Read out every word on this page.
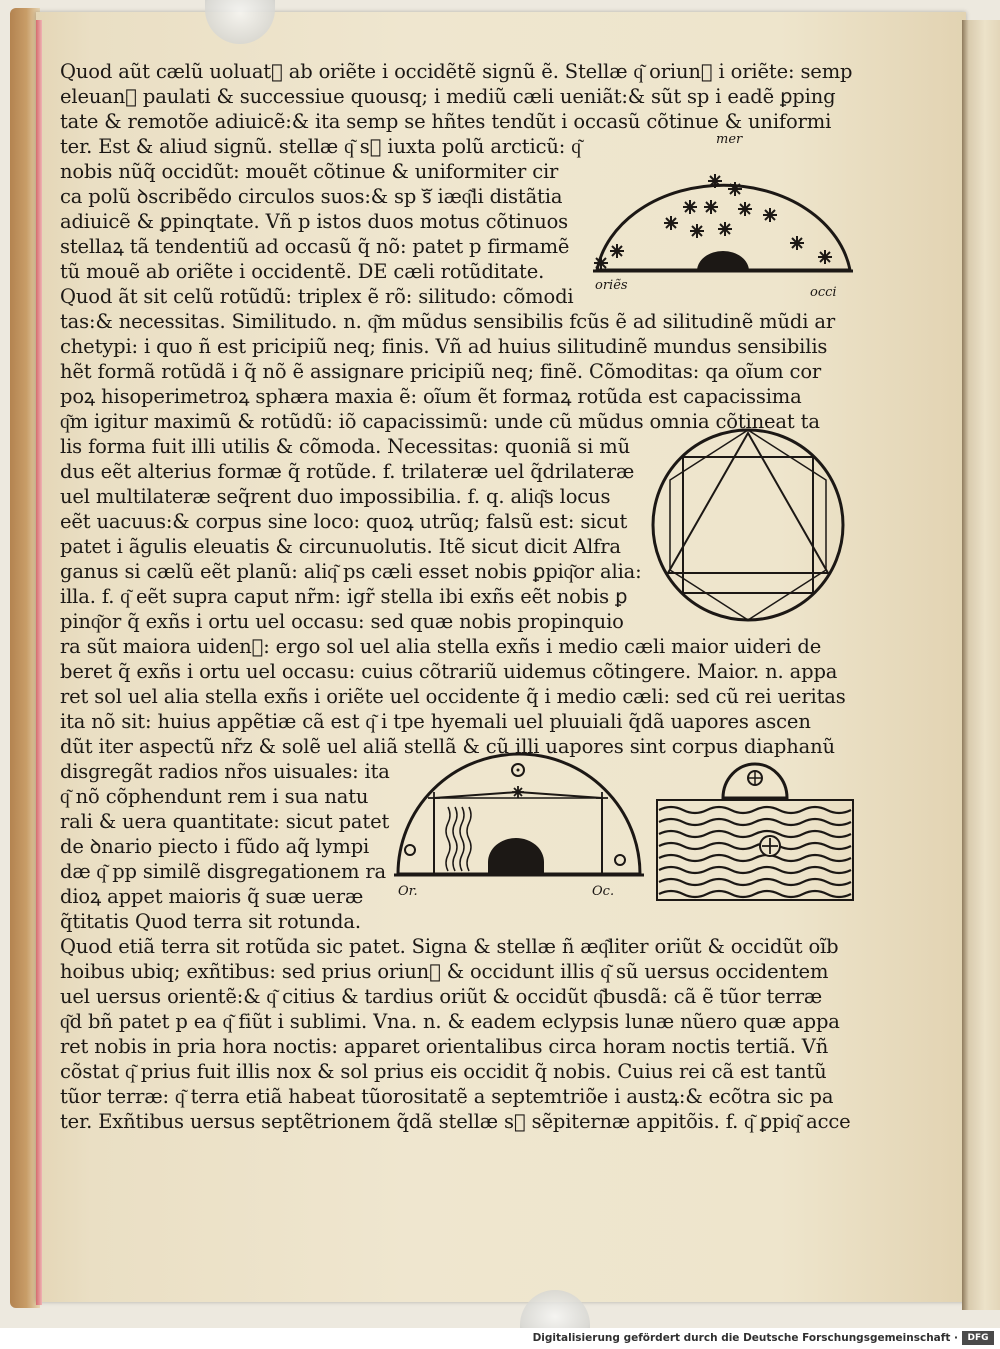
Quod aũt cælũ uoluatᷓ ab oriẽte i occidẽtẽ signũ ẽ. Stellæ q͂ oriunᷓ i oriẽte: semp
eleuanᷓ paulati & successiue quousq; i mediũ cæli ueniãt:& sũt sp i eadẽ ꝑping
tate & remotõe adiuicẽ:& ita semp se hñtes tendũt i occasũ cõtinue & uniformi
ter. Est & aliud signũ. stellæ q͂ sᷓ iuxta polũ arcticũ: q͂
nobis nũq̃ occidũt: mouẽt cõtinue & uniformiter cir
ca polũ ꝺscribẽdo circulos suos:& sp sᷓ iæq͂li distãtia
adiuicẽ & ꝑpinqtate. Vñ p istos duos motus cõtinuos
stellaꝝ tã tendentiũ ad occasũ q̃ nõ: patet p firmamẽ
tũ mouẽ ab oriẽte i occidentẽ. DE cæli rotũditate.
Quod ãt sit celũ rotũdũ: triplex ẽ rõ: silitudo: cõmodi
tas:& necessitas. Similitudo. n. q͂m mũdus sensibilis fcũs ẽ ad silitudinẽ mũdi ar
chetypi: i quo ñ est pricipiũ neq; finis. Vñ ad huius silitudinẽ mundus sensibilis
hẽt formã rotũdã i q̃ nõ ẽ assignare pricipiũ neq; finẽ. Cõmoditas: qa oĩum cor
poꝝ hisoperimetroꝝ sphæra maxia ẽ: oĩum ẽt formaꝝ rotũda est capacissima
q͂m igitur maximũ & rotũdũ: iõ capacissimũ: unde cũ mũdus omnia cõtineat ta
lis forma fuit illi utilis & cõmoda. Necessitas: quoniã si mũ
dus eẽt alterius formæ q̃ rotũde. f. trilateræ uel q̃drilateræ
uel multilateræ seq̃rent duo impossibilia. f. q. aliq͂s locus
eẽt uacuus:& corpus sine loco: quoꝝ utrũq; falsũ est: sicut
patet i ãgulis eleuatis & circunuolutis. Itẽ sicut dicit Alfra
ganus si cælũ eẽt planũ: aliq͂ ps cæli esset nobis ꝑpiq͂or alia:
illa. f. q͂ eẽt supra caput nr̃m: igr̃ stella ibi exñs eẽt nobis ꝑ
pinq͂or q̃ exñs i ortu uel occasu: sed quæ nobis propinquio
ra sũt maiora uidenᷓ: ergo sol uel alia stella exñs i medio cæli maior uideri de
beret q̃ exñs i ortu uel occasu: cuius cõtrariũ uidemus cõtingere. Maior. n. appa
ret sol uel alia stella exñs i oriẽte uel occidente q̃ i medio cæli: sed cũ rei ueritas
ita nõ sit: huius appẽtiæ cã est q͂ i tpe hyemali uel pluuiali q̃dã uapores ascen
dũt iter aspectũ nr̃z & solẽ uel aliã stellã & cũ illi uapores sint corpus diaphanũ
disgregãt radios nr̃os uisuales: ita
q͂ nõ cõphendunt rem i sua natu
rali & uera quantitate: sicut patet
de ꝺnario piecto i fũdo aq̃ lympi
dæ q͂ pp similẽ disgregationem ra
dioꝝ appet maioris q̃ suæ ueræ
q̃titatis Quod terra sit rotunda.
Quod etiã terra sit rotũda sic patet. Signa & stellæ ñ æq͂liter oriũt & occidũt oĩb
hoibus ubiq; exñtibus: sed prius oriunᷓ & occidunt illis q͂ sũ uersus occidentem
uel uersus orientẽ:& q͂ citius & tardius oriũt & occidũt q͂busdã: cã ẽ tũor terræ
q͂d bñ patet p ea q͂ fiũt i sublimi. Vna. n. & eadem eclypsis lunæ nũero quæ appa
ret nobis in pria hora noctis: apparet orientalibus circa horam noctis tertiã. Vñ
cõstat q͂ prius fuit illis nox & sol prius eis occidit q̃ nobis. Cuius rei cã est tantũ
tũor terræ: q͂ terra etiã habeat tũorositatẽ a septemtriõe i austꝝ:& ecõtra sic pa
ter. Exñtibus uersus septẽtrionem q̃dã stellæ sᷓ sẽpiternæ appitõis. f. q͂ ꝑpiq͂ acce
mer
oriẽs	occi
Or.	Oc.
Digitalisierung gefördert durch die Deutsche Forschungsgemeinschaft ·	DFG
